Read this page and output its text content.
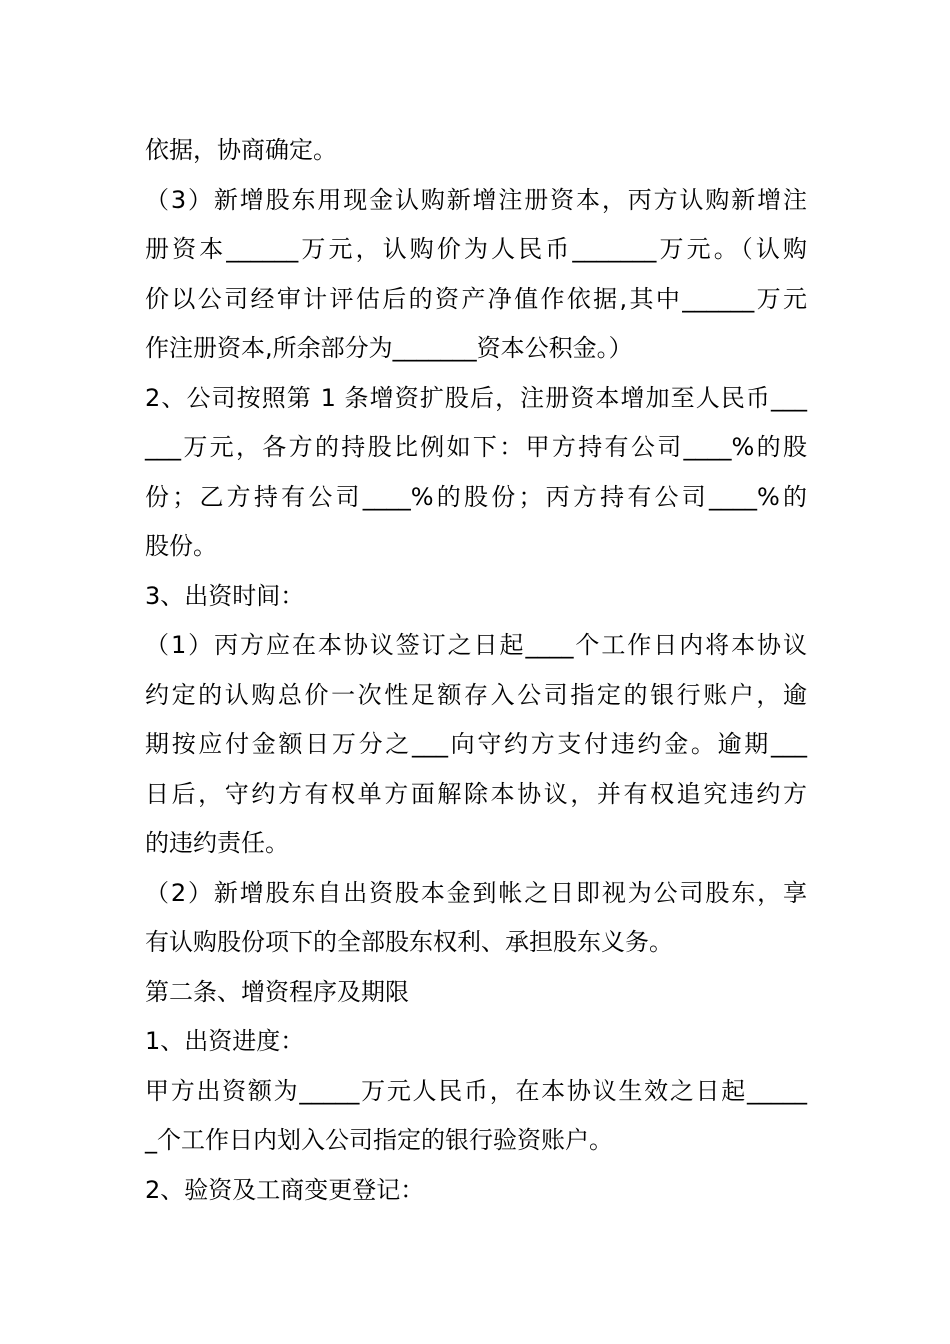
依据，协商确定。
（3）新增股东用现金认购新增注册资本，丙方认购新增注
册资本______万元，认购价为人民币_______万元。（认购
价以公司经审计评估后的资产净值作依据,其中______万元
作注册资本,所余部分为_______资本公积金。）
2、公司按照第 1 条增资扩股后，注册资本增加至人民币___
___万元，各方的持股比例如下：甲方持有公司____%的股
份；乙方持有公司____%的股份；丙方持有公司____%的
股份。
3、出资时间：
（1）丙方应在本协议签订之日起____个工作日内将本协议
约定的认购总价一次性足额存入公司指定的银行账户，逾
期按应付金额日万分之___向守约方支付违约金。逾期___
日后，守约方有权单方面解除本协议，并有权追究违约方
的违约责任。
（2）新增股东自出资股本金到帐之日即视为公司股东，享
有认购股份项下的全部股东权利、承担股东义务。
第二条、增资程序及期限
1、出资进度：
甲方出资额为_____万元人民币，在本协议生效之日起_____
_个工作日内划入公司指定的银行验资账户。
2、验资及工商变更登记：
